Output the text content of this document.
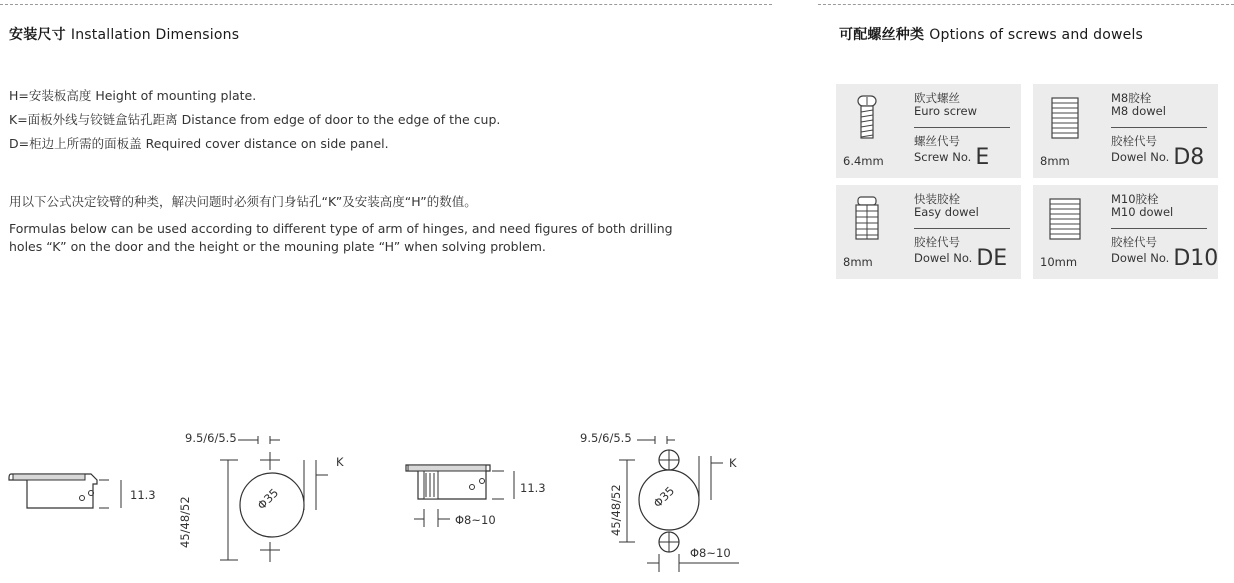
安装尺寸 Installation Dimensions	可配螺丝种类 Options of screws and dowels
H=安装板高度 Height of mounting plate.
K=面板外线与铰链盒钻孔距离 Distance from edge of door to the edge of the cup.
D=柜边上所需的面板盖 Required cover distance on side panel.
用以下公式决定铰臂的种类，解决问题时必须有门身钻孔“K”及安装高度“H”的数值。
Formulas below can be used according to different type of arm of hinges, and need figures of both drilling holes “K” on the door and the height or the mouning plate “H” when solving problem.
6.4mm
欧式螺丝
Euro screw
螺丝代号
Screw No. E	8mm
M8胶栓
M8 dowel
胶栓代号
Dowel No. D8
8mm
快装胶栓
Easy dowel
胶栓代号
Dowel No. DE	10mm
M10胶栓
M10 dowel
胶栓代号
Dowel No. D10
11.3
9.5/6/5.5
K
45/48/52	Φ35	11.3
Φ8~10
9.5/6/5.5
K
45/48/52 Φ35
Φ8~10
